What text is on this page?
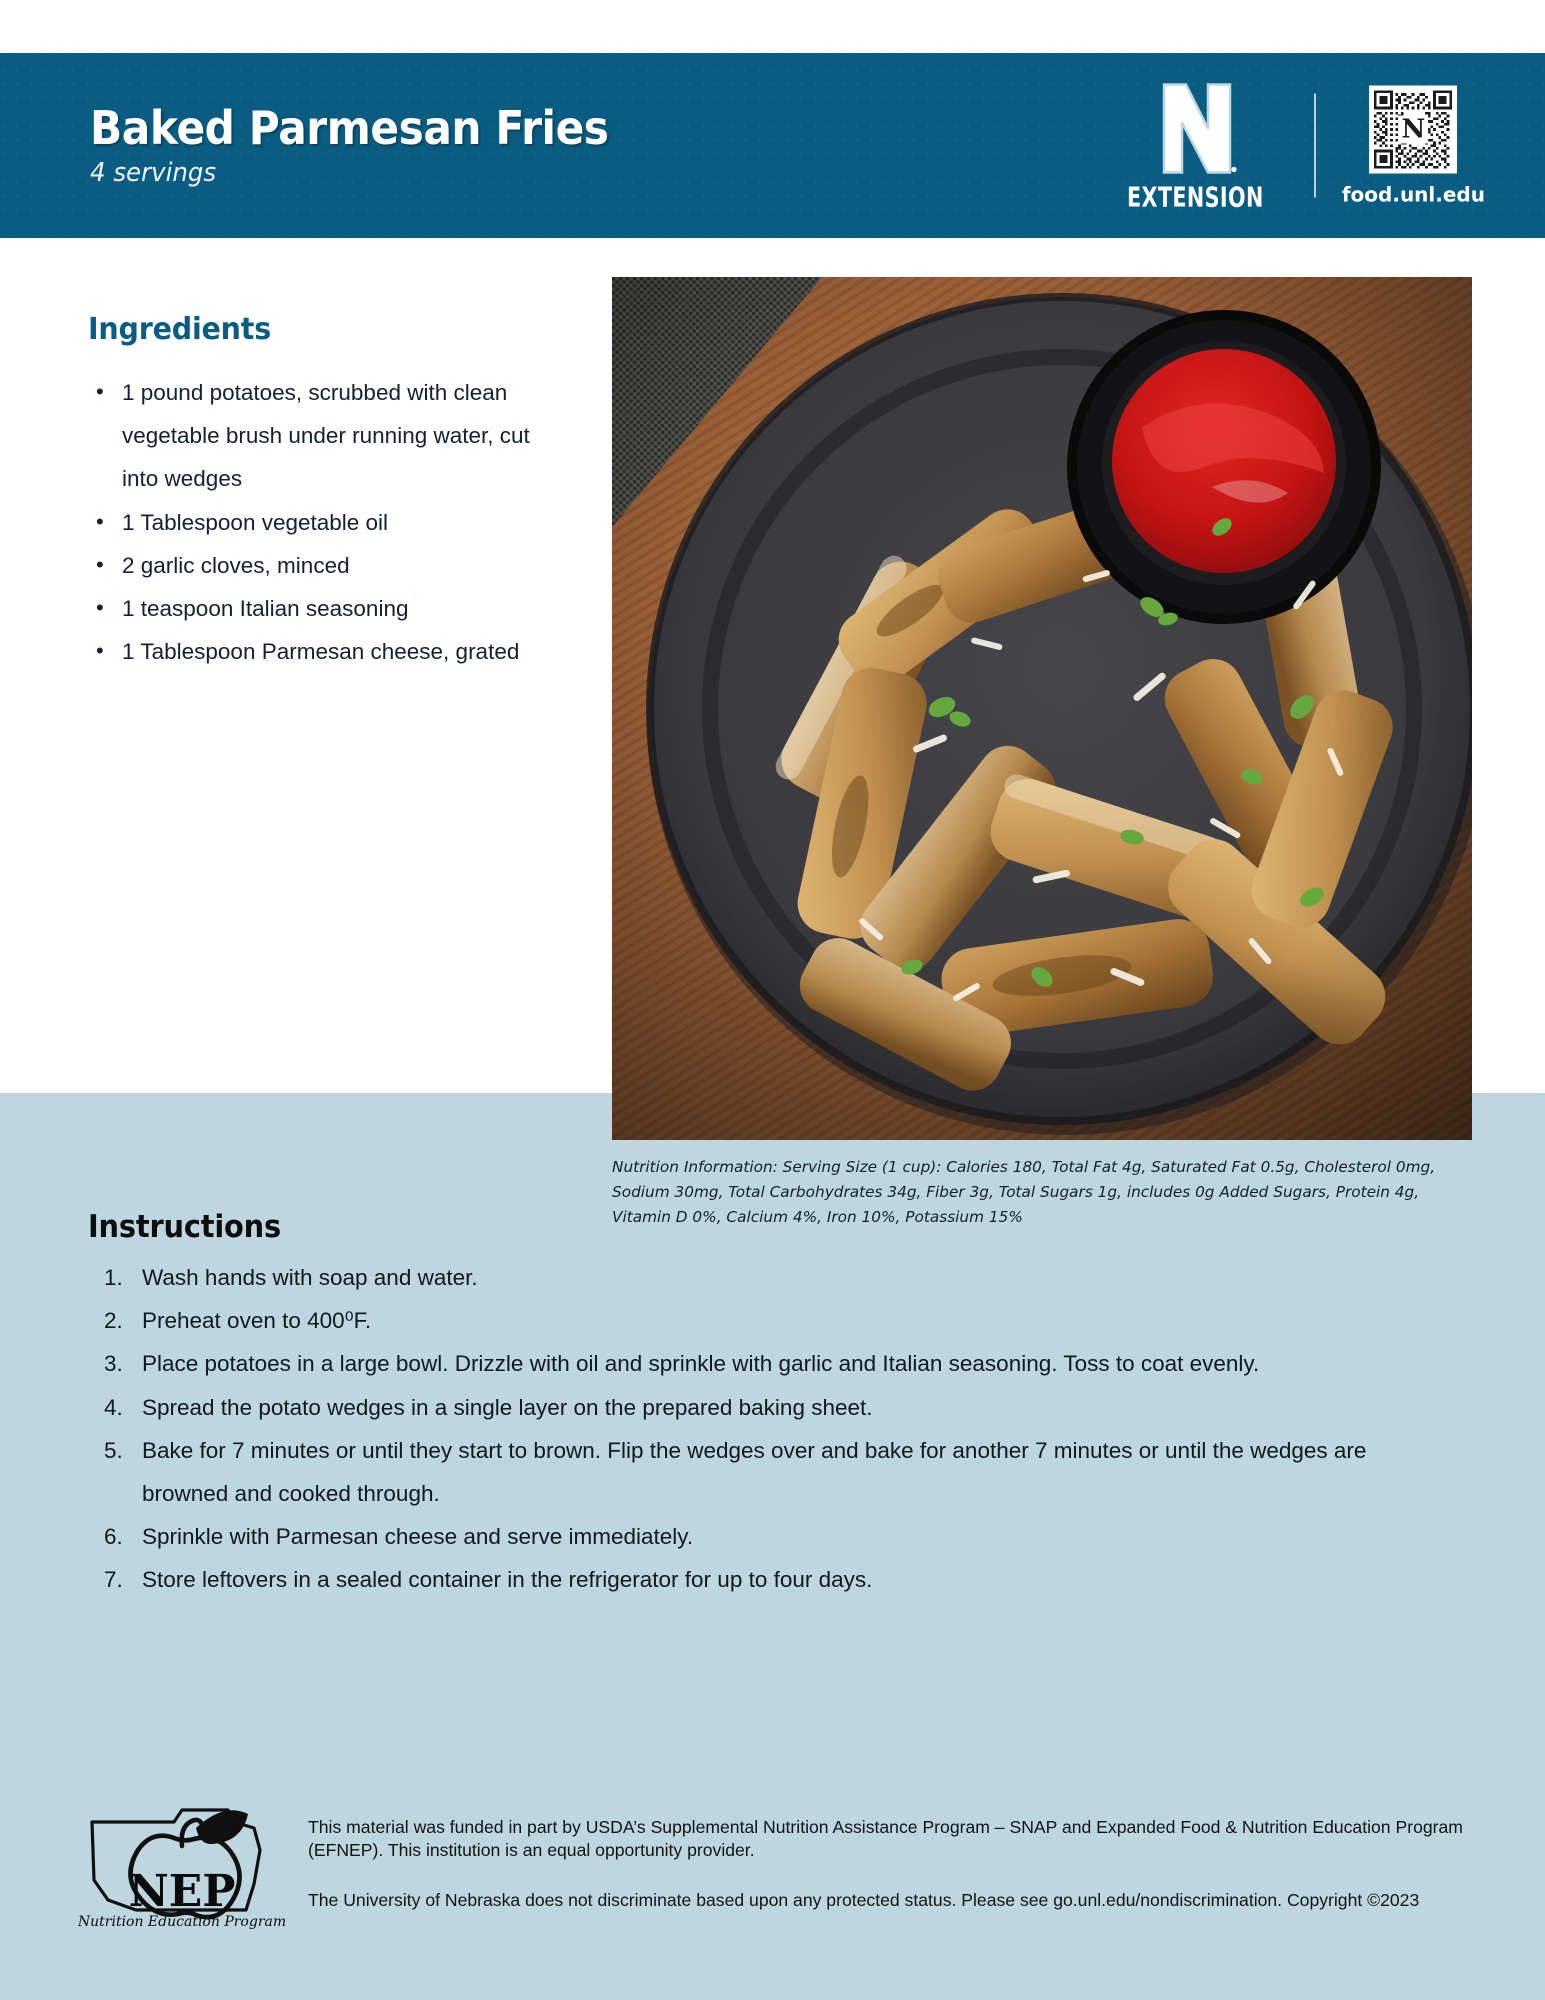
Baked Parmesan Fries
4 servings
EXTENSION
N
food.unl.edu
Ingredients
• 1 pound potatoes, scrubbed with clean vegetable brush under running water, cut into wedges
• 1 Tablespoon vegetable oil
• 2 garlic cloves, minced
• 1 teaspoon Italian seasoning
• 1 Tablespoon Parmesan cheese, grated
Nutrition Information: Serving Size (1 cup): Calories 180, Total Fat 4g, Saturated Fat 0.5g, Cholesterol 0mg, Sodium 30mg, Total Carbohydrates 34g, Fiber 3g, Total Sugars 1g, includes 0g Added Sugars, Protein 4g, Vitamin D 0%, Calcium 4%, Iron 10%, Potassium 15%
Instructions
Wash hands with soap and water.
Preheat oven to 400⁰F.
Place potatoes in a large bowl. Drizzle with oil and sprinkle with garlic and Italian seasoning. Toss to coat evenly.
Spread the potato wedges in a single layer on the prepared baking sheet.
Bake for 7 minutes or until they start to brown. Flip the wedges over and bake for another 7 minutes or until the wedges are browned and cooked through.
Sprinkle with Parmesan cheese and serve immediately.
Store leftovers in a sealed container in the refrigerator for up to four days.
NEP
Nutrition Education Program
This material was funded in part by USDA’s Supplemental Nutrition Assistance Program – SNAP and Expanded Food & Nutrition Education Program (EFNEP). This institution is an equal opportunity provider.
The University of Nebraska does not discriminate based upon any protected status. Please see go.unl.edu/nondiscrimination. Copyright ©2023
